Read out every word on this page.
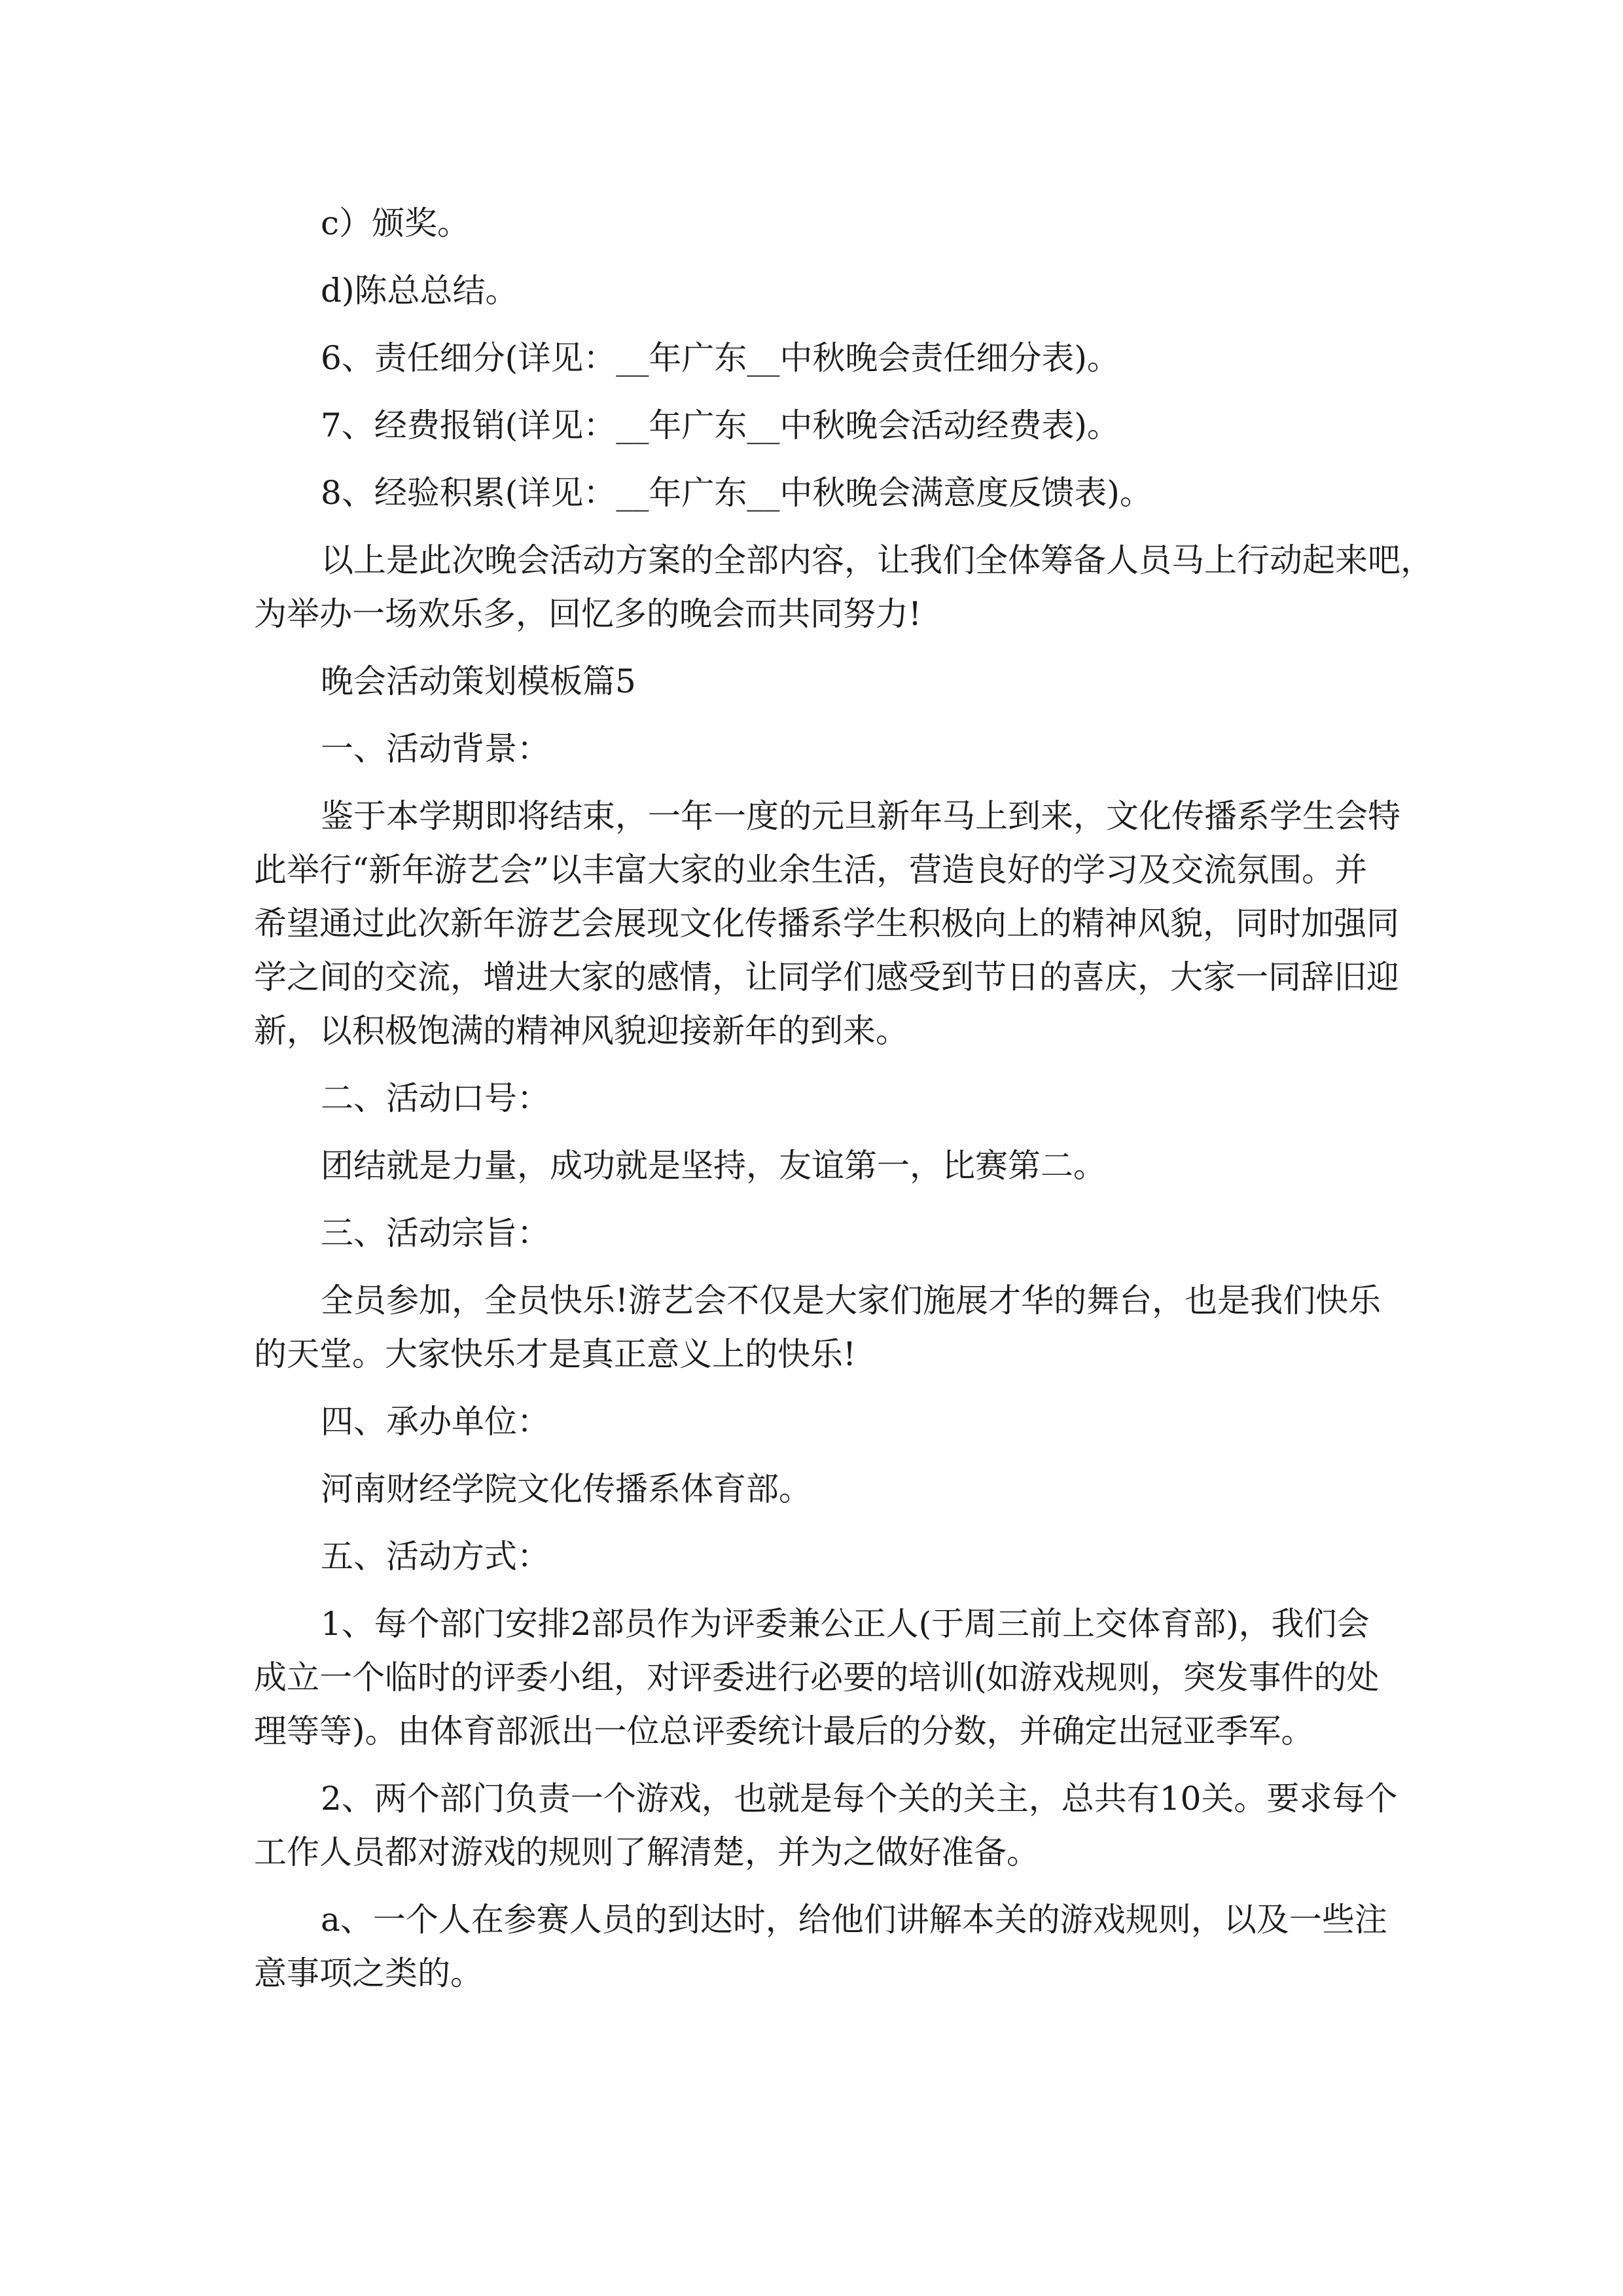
c）颁奖。
d)陈总总结。
6、责任细分(详见：__年广东__中秋晚会责任细分表)。
7、经费报销(详见：__年广东__中秋晚会活动经费表)。
8、经验积累(详见：__年广东__中秋晚会满意度反馈表)。
以上是此次晚会活动方案的全部内容，让我们全体筹备人员马上行动起来吧，
为举办一场欢乐多，回忆多的晚会而共同努力!
晚会活动策划模板篇5
一、活动背景：
鉴于本学期即将结束，一年一度的元旦新年马上到来，文化传播系学生会特
此举行“新年游艺会”以丰富大家的业余生活，营造良好的学习及交流氛围。并
希望通过此次新年游艺会展现文化传播系学生积极向上的精神风貌，同时加强同
学之间的交流，增进大家的感情，让同学们感受到节日的喜庆，大家一同辞旧迎
新，以积极饱满的精神风貌迎接新年的到来。
二、活动口号：
团结就是力量，成功就是坚持，友谊第一，比赛第二。
三、活动宗旨：
全员参加，全员快乐!游艺会不仅是大家们施展才华的舞台，也是我们快乐
的天堂。大家快乐才是真正意义上的快乐!
四、承办单位：
河南财经学院文化传播系体育部。
五、活动方式：
1、每个部门安排2部员作为评委兼公正人(于周三前上交体育部)，我们会
成立一个临时的评委小组，对评委进行必要的培训(如游戏规则，突发事件的处
理等等)。由体育部派出一位总评委统计最后的分数，并确定出冠亚季军。
2、两个部门负责一个游戏，也就是每个关的关主，总共有10关。要求每个
工作人员都对游戏的规则了解清楚，并为之做好准备。
a、一个人在参赛人员的到达时，给他们讲解本关的游戏规则，以及一些注
意事项之类的。
